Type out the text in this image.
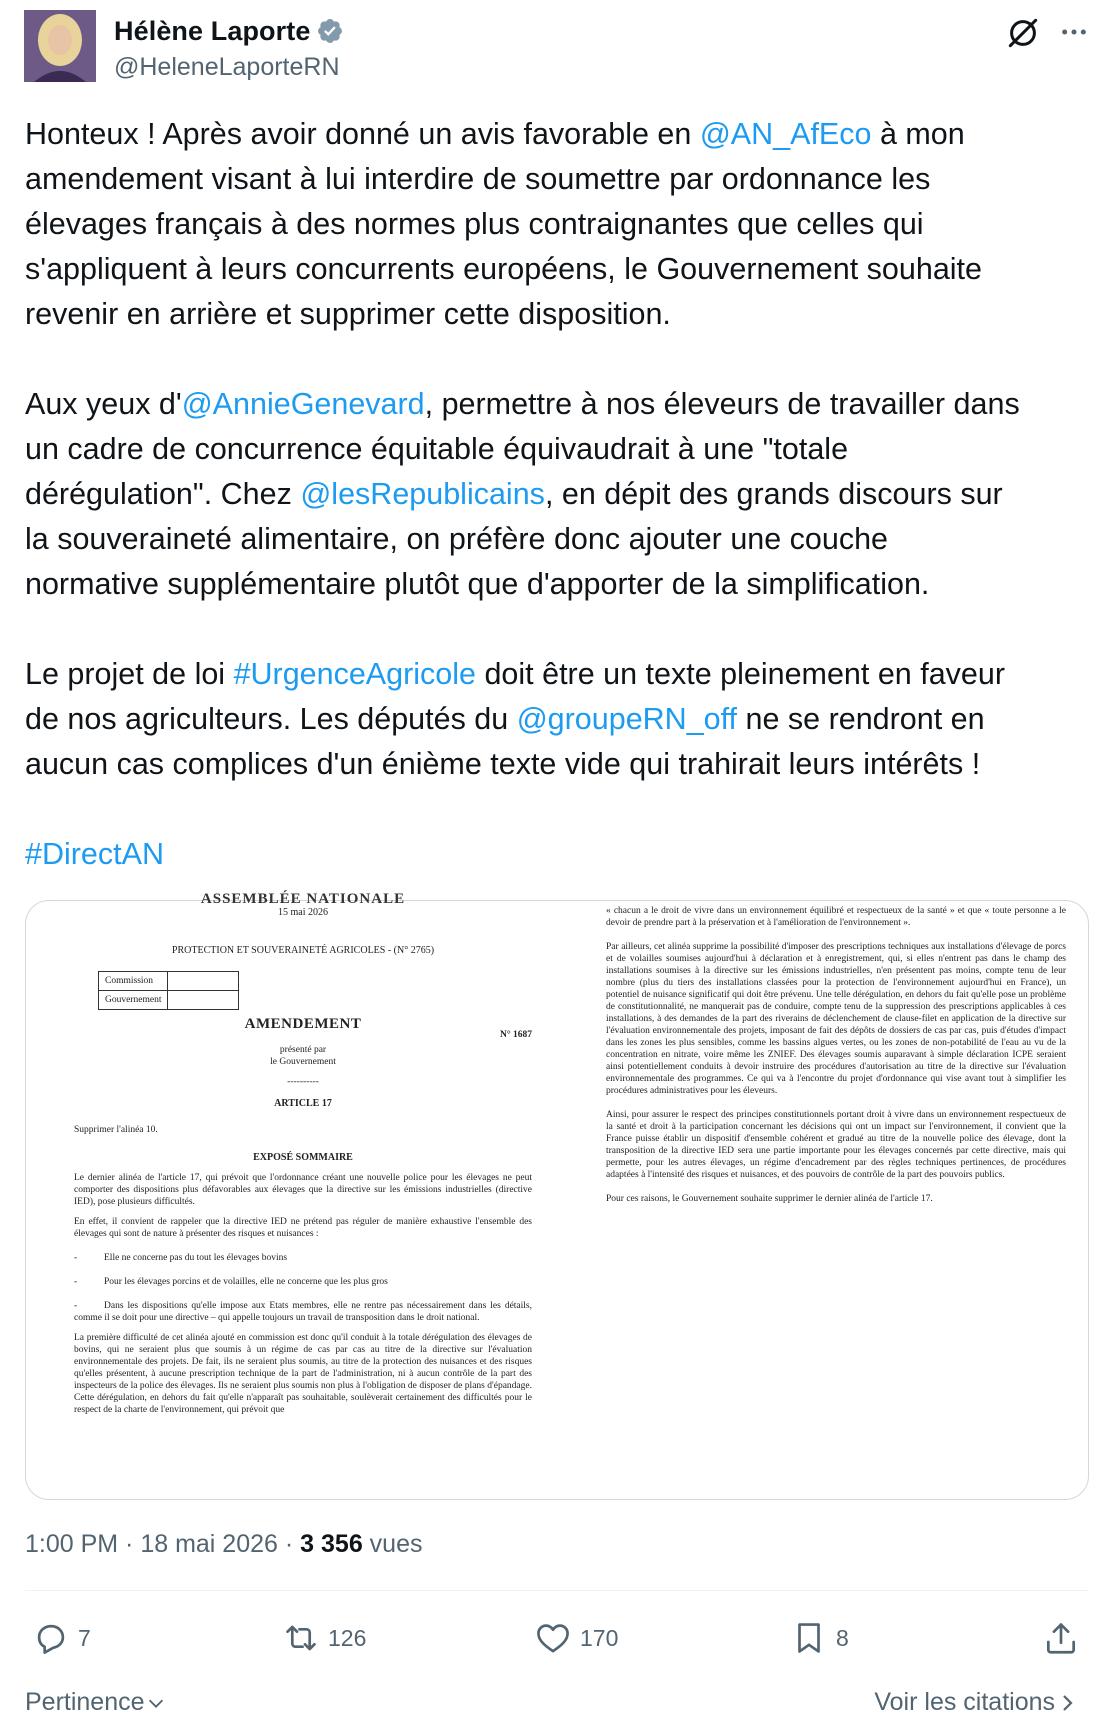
Hélène Laporte
@HeleneLaporteRN
Honteux ! Après avoir donné un avis favorable en @AN_AfEco à mon
amendement visant à lui interdire de soumettre par ordonnance les
élevages français à des normes plus contraignantes que celles qui
s'appliquent à leurs concurrents européens, le Gouvernement souhaite
revenir en arrière et supprimer cette disposition.
Aux yeux d'@AnnieGenevard, permettre à nos éleveurs de travailler dans
un cadre de concurrence équitable équivaudrait à une "totale
dérégulation". Chez @lesRepublicains, en dépit des grands discours sur
la souveraineté alimentaire, on préfère donc ajouter une couche
normative supplémentaire plutôt que d'apporter de la simplification.
Le projet de loi #UrgenceAgricole doit être un texte pleinement en faveur
de nos agriculteurs. Les députés du @groupeRN_off ne se rendront en
aucun cas complices d'un énième texte vide qui trahirait leurs intérêts !
#DirectAN
ASSEMBLÉE NATIONALE
15 mai 2026
PROTECTION ET SOUVERAINETÉ AGRICOLES - (N° 2765)
Commission	
Gouvernement	
N° 1687
AMENDEMENT
présenté par
le Gouvernement
----------
ARTICLE 17

Supprimer l'alinéa 10.

EXPOSÉ SOMMAIRE

Le dernier alinéa de l'article 17, qui prévoit que l'ordonnance créant une nouvelle police pour les élevages ne peut comporter des dispositions plus défavorables aux élevages que la directive sur les émissions industrielles (directive IED), pose plusieurs difficultés.

En effet, il convient de rappeler que la directive IED ne prétend pas réguler de manière exhaustive l'ensemble des élevages qui sont de nature à présenter des risques et nuisances :

-	Elle ne concerne pas du tout les élevages bovins

-	Pour les élevages porcins et de volailles, elle ne concerne que les plus gros

-	Dans les dispositions qu'elle impose aux Etats membres, elle ne rentre pas nécessairement dans les détails, comme il se doit pour une directive – qui appelle toujours un travail de transposition dans le droit national.

La première difficulté de cet alinéa ajouté en commission est donc qu'il conduit à la totale dérégulation des élevages de bovins, qui ne seraient plus que soumis à un régime de cas par cas au titre de la directive sur l'évaluation environnementale des projets. De fait, ils ne seraient plus soumis, au titre de la protection des nuisances et des risques qu'elles présentent, à aucune prescription technique de la part de l'administration, ni à aucun contrôle de la part des inspecteurs de la police des élevages. Ils ne seraient plus soumis non plus à l'obligation de disposer de plans d'épandage. Cette dérégulation, en dehors du fait qu'elle n'apparaît pas souhaitable, soulèverait certainement des difficultés pour le respect de la charte de l'environnement, qui prévoit que

« chacun a le droit de vivre dans un environnement équilibré et respectueux de la santé » et que « toute personne a le devoir de prendre part à la préservation et à l'amélioration de l'environnement ».

Par ailleurs, cet alinéa supprime la possibilité d'imposer des prescriptions techniques aux installations d'élevage de porcs et de volailles soumises aujourd'hui à déclaration et à enregistrement, qui, si elles n'entrent pas dans le champ des installations soumises à la directive sur les émissions industrielles, n'en présentent pas moins, compte tenu de leur nombre (plus du tiers des installations classées pour la protection de l'environnement aujourd'hui en France), un potentiel de nuisance significatif qui doit être prévenu. Une telle dérégulation, en dehors du fait qu'elle pose un problème de constitutionnalité, ne manquerait pas de conduire, compte tenu de la suppression des prescriptions applicables à ces installations, à des demandes de la part des riverains de déclenchement de clause-filet en application de la directive sur l'évaluation environnementale des projets, imposant de fait des dépôts de dossiers de cas par cas, puis d'études d'impact dans les zones les plus sensibles, comme les bassins algues vertes, ou les zones de non-potabilité de l'eau au vu de la concentration en nitrate, voire même les ZNIEF. Des élevages soumis auparavant à simple déclaration ICPE seraient ainsi potentiellement conduits à devoir instruire des procédures d'autorisation au titre de la directive sur l'évaluation environnementale des programmes. Ce qui va à l'encontre du projet d'ordonnance qui vise avant tout à simplifier les procédures administratives pour les éleveurs.

Ainsi, pour assurer le respect des principes constitutionnels portant droit à vivre dans un environnement respectueux de la santé et droit à la participation concernant les décisions qui ont un impact sur l'environnement, il convient que la France puisse établir un dispositif d'ensemble cohérent et gradué au titre de la nouvelle police des élevage, dont la transposition de la directive IED sera une partie importante pour les élevages concernés par cette directive, mais qui permette, pour les autres élevages, un régime d'encadrement par des règles techniques pertinences, de procédures adaptées à l'intensité des risques et nuisances, et des pouvoirs de contrôle de la part des pouvoirs publics.

Pour ces raisons, le Gouvernement souhaite supprimer le dernier alinéa de l'article 17.

1:00 PM · 18 mai 2026 · 3 356 vues
7	126	170	8
Pertinence	Voir les citations
